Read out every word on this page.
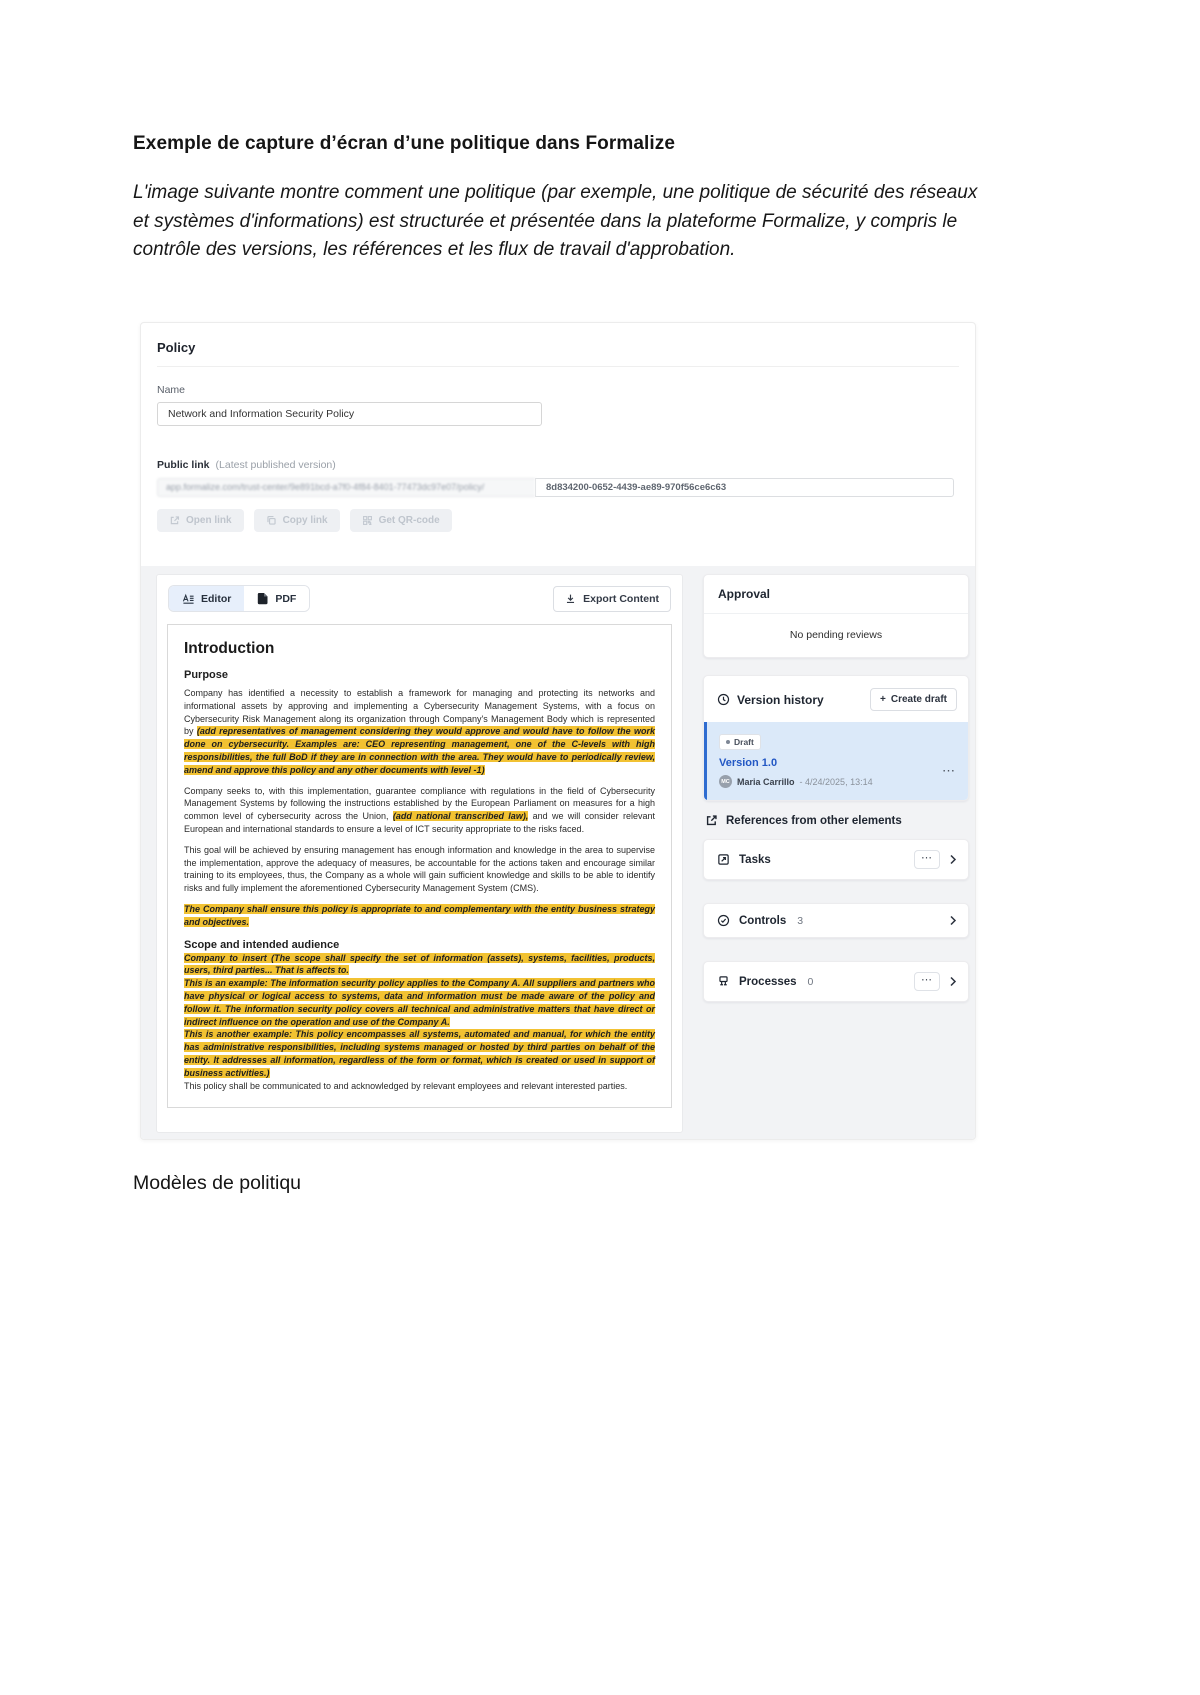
Exemple de capture d’écran d’une politique dans Formalize

L'image suivante montre comment une politique (par exemple, une politique de sécurité des réseaux et systèmes d'informations) est structurée et présentée dans la plateforme Formalize, y compris le contrôle des versions, les références et les flux de travail d'approbation.

Policy
Name
Network and Information Security Policy
Public link (Latest published version)
app.formalize.com/trust-center/9e891bcd-a7f0-4f84-8401-77473dc97e07/policy/	8d834200-0652-4439-ae89-970f56ce6c63
Open link	Copy link	Get QR-code
Editor	PDF	Export Content
Introduction
Purpose

Company has identified a necessity to establish a framework for managing and protecting its networks and informational assets by approving and implementing a Cybersecurity Management Systems, with a focus on Cybersecurity Risk Management along its organization through Company's Management Body which is represented by (add representatives of management considering they would approve and would have to follow the work done on cybersecurity. Examples are: CEO representing management, one of the C-levels with high responsibilities, the full BoD if they are in connection with the area. They would have to periodically review, amend and approve this policy and any other documents with level -1)

Company seeks to, with this implementation, guarantee compliance with regulations in the field of Cybersecurity Management Systems by following the instructions established by the European Parliament on measures for a high common level of cybersecurity across the Union, (add national transcribed law), and we will consider relevant European and international standards to ensure a level of ICT security appropriate to the risks faced.

This goal will be achieved by ensuring management has enough information and knowledge in the area to supervise the implementation, approve the adequacy of measures, be accountable for the actions taken and encourage similar training to its employees, thus, the Company as a whole will gain sufficient knowledge and skills to be able to identify risks and fully implement the aforementioned Cybersecurity Management System (CMS).

The Company shall ensure this policy is appropriate to and complementary with the entity business strategy and objectives.

Scope and intended audience

Company to insert (The scope shall specify the set of information (assets), systems, facilities, products, users, third parties... That is affects to.

This is an example: The information security policy applies to the Company A. All suppliers and partners who have physical or logical access to systems, data and information must be made aware of the policy and follow it. The information security policy covers all technical and administrative matters that have direct or indirect influence on the operation and use of the Company A.

This is another example: This policy encompasses all systems, automated and manual, for which the entity has administrative responsibilities, including systems managed or hosted by third parties on behalf of the entity. It addresses all information, regardless of the form or format, which is created or used in support of business activities.)

This policy shall be communicated to and acknowledged by relevant employees and relevant interested parties.

Approval
No pending reviews
Version history	+ Create draft
Draft
Version 1.0
MC Maria Carrillo - 4/24/2025, 13:14
⋯
References from other elements
Tasks	⋯
Controls 3
Processes 0	⋯
Modèles de politiqu
